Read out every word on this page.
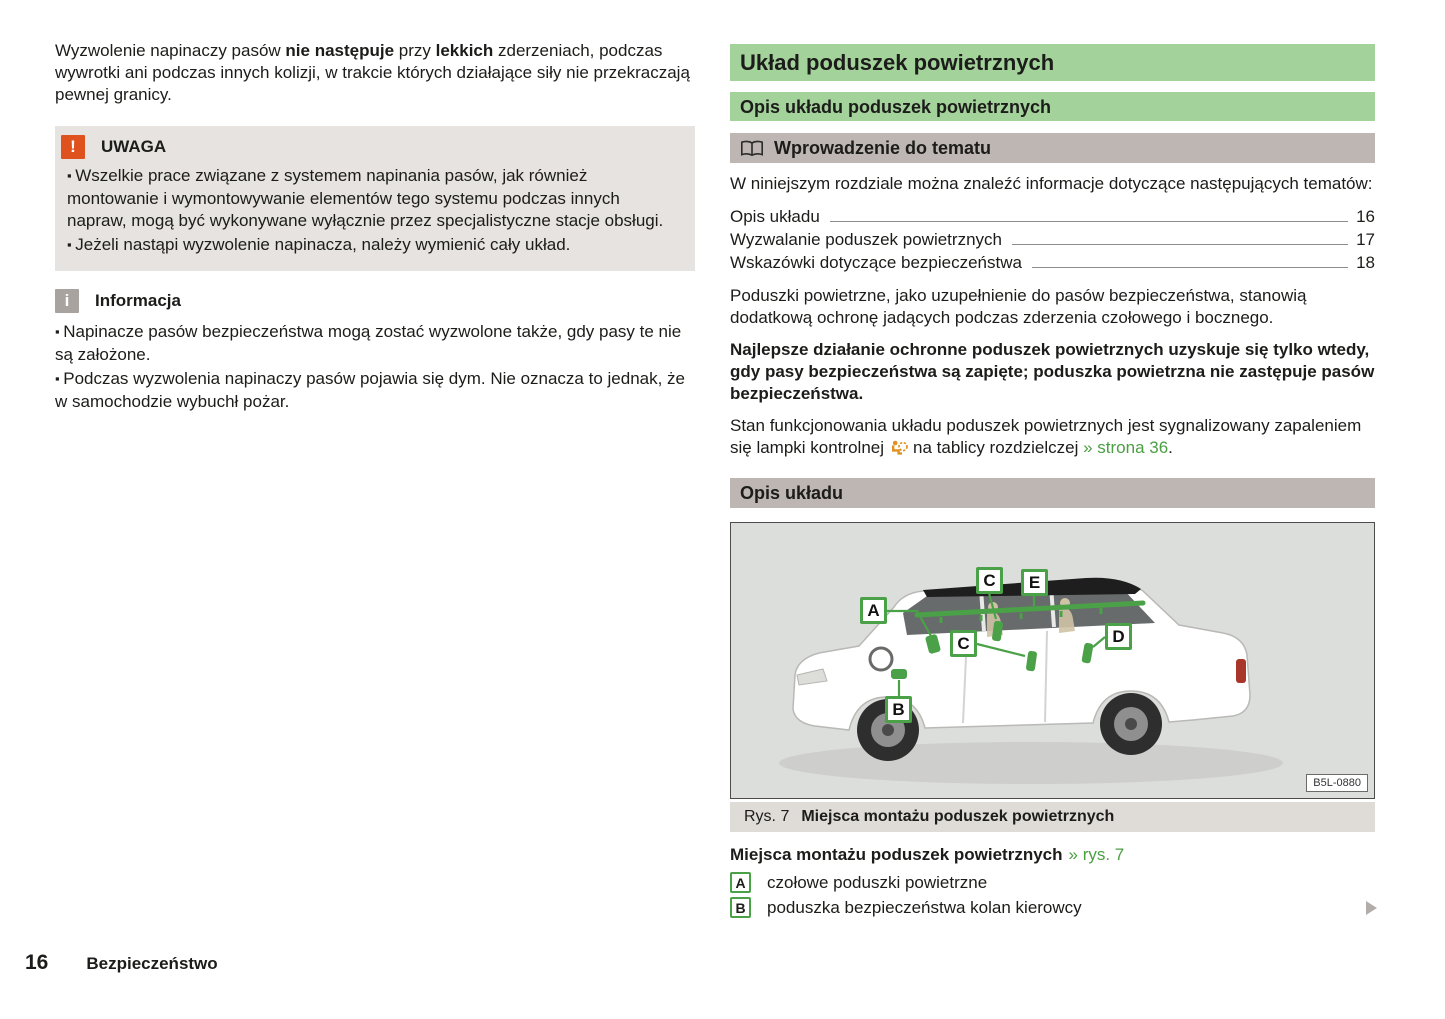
Wyzwolenie napinaczy pasów nie następuje przy lekkich zderzeniach, podczas wywrotki ani podczas innych kolizji, w trakcie których działające siły nie przekraczają pewnej granicy.

!	UWAGA
▪ Wszelkie prace związane z systemem napinania pasów, jak również montowanie i wymontowywanie elementów tego systemu podczas innych napraw, mogą być wykonywane wyłącznie przez specjalistyczne stacje obsługi.
▪ Jeżeli nastąpi wyzwolenie napinacza, należy wymienić cały układ.
i	Informacja
▪ Napinacze pasów bezpieczeństwa mogą zostać wyzwolone także, gdy pasy te nie są założone.
▪ Podczas wyzwolenia napinaczy pasów pojawia się dym. Nie oznacza to jednak, że w samochodzie wybuchł pożar.
Układ poduszek powietrznych
Opis układu poduszek powietrznych
Wprowadzenie do tematu

W niniejszym rozdziale można znaleźć informacje dotyczące następujących tematów:

Opis układu	16
Wyzwalanie poduszek powietrznych	17
Wskazówki dotyczące bezpieczeństwa	18

Poduszki powietrzne, jako uzupełnienie do pasów bezpieczeństwa, stanowią dodatkową ochronę jadących podczas zderzenia czołowego i bocznego.

Najlepsze działanie ochronne poduszek powietrznych uzyskuje się tylko wtedy, gdy pasy bezpieczeństwa są zapięte; poduszka powietrzna nie zastępuje pasów bezpieczeństwa.

Stan funkcjonowania układu poduszek powietrznych jest sygnalizowany zapaleniem się lampki kontrolnej na tablicy rozdzielczej » strona 36.

Opis układu
A
C	E
C	D
B
B5L-0880
Rys. 7 Miejsca montażu poduszek powietrznych
Miejsca montażu poduszek powietrznych » rys. 7
A	czołowe poduszki powietrzne
B	poduszka bezpieczeństwa kolan kierowcy
16 Bezpieczeństwo
